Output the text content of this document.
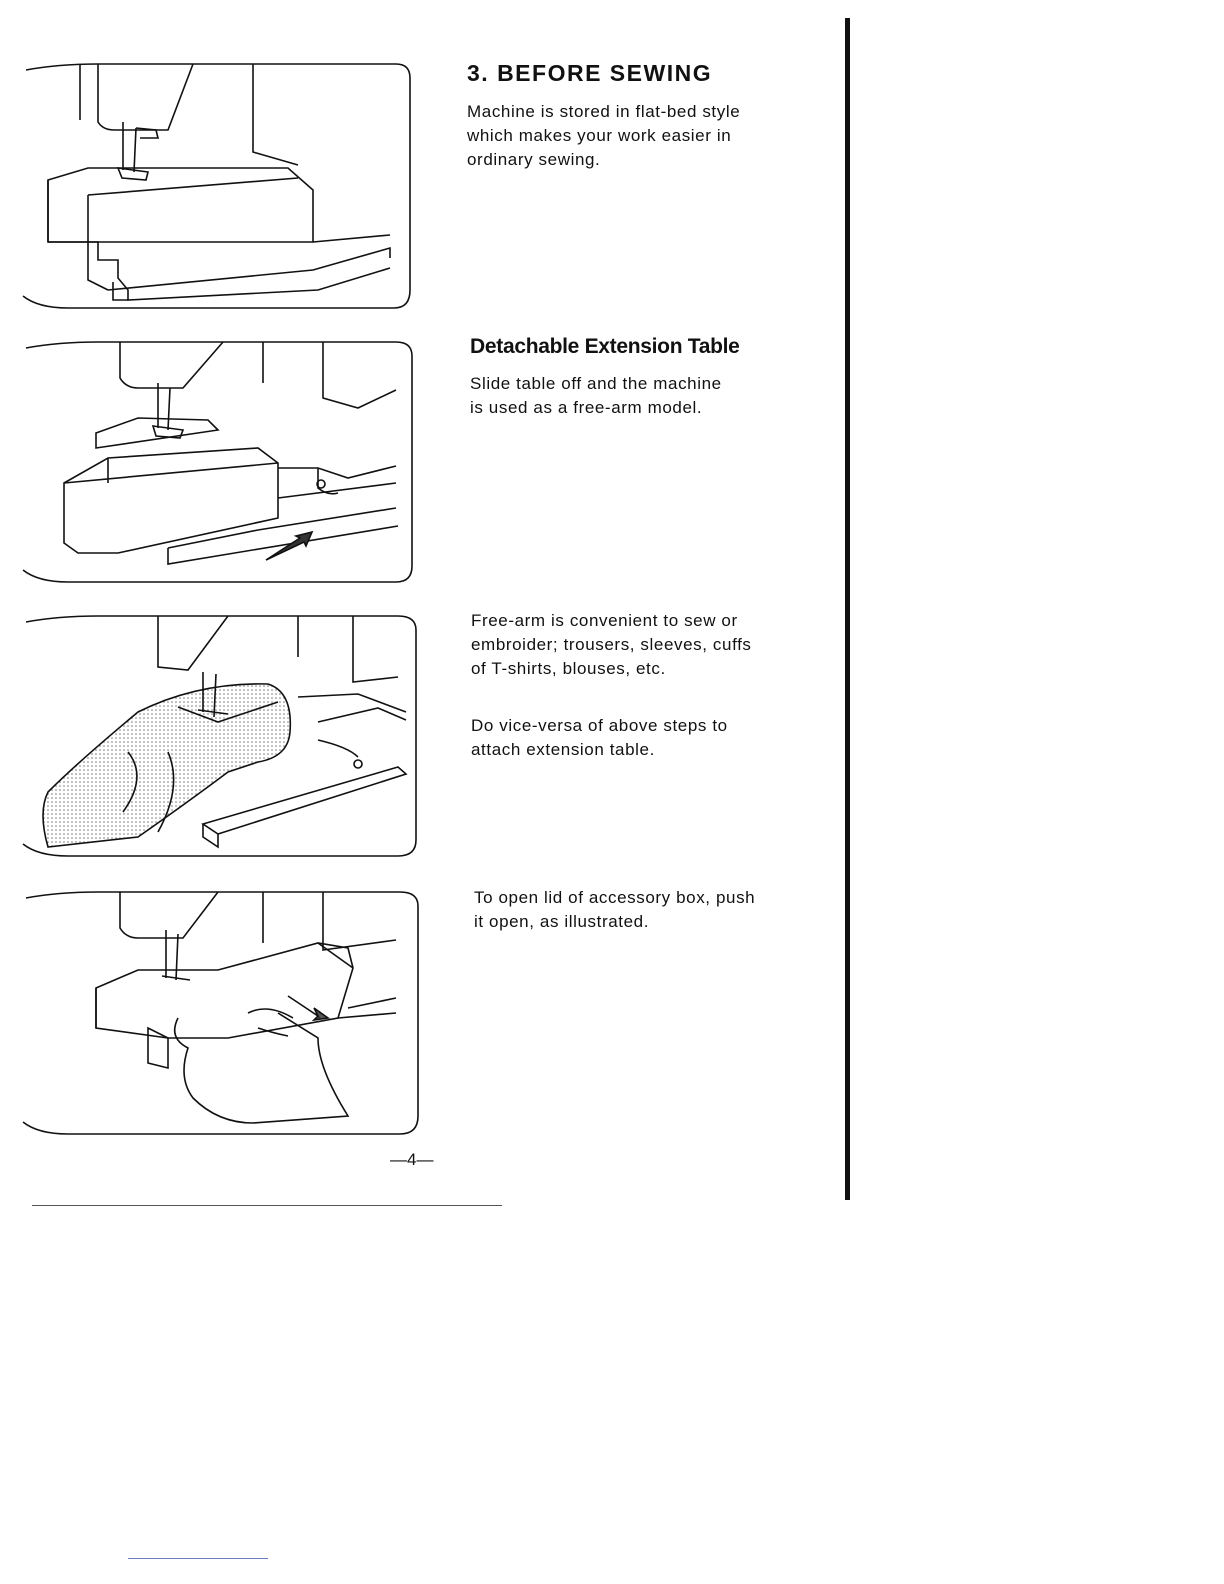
3. BEFORE SEWING

Machine is stored in flat-bed style

which makes your work easier in

ordinary sewing.

Detachable Extension Table

Slide table off and the machine

is used as a free-arm model.

Free-arm is convenient to sew or

embroider; trousers, sleeves, cuffs

of T-shirts, blouses, etc.

Do vice-versa of above steps to

attach extension table.

To open lid of accessory box, push

it open, as illustrated.

—4—
